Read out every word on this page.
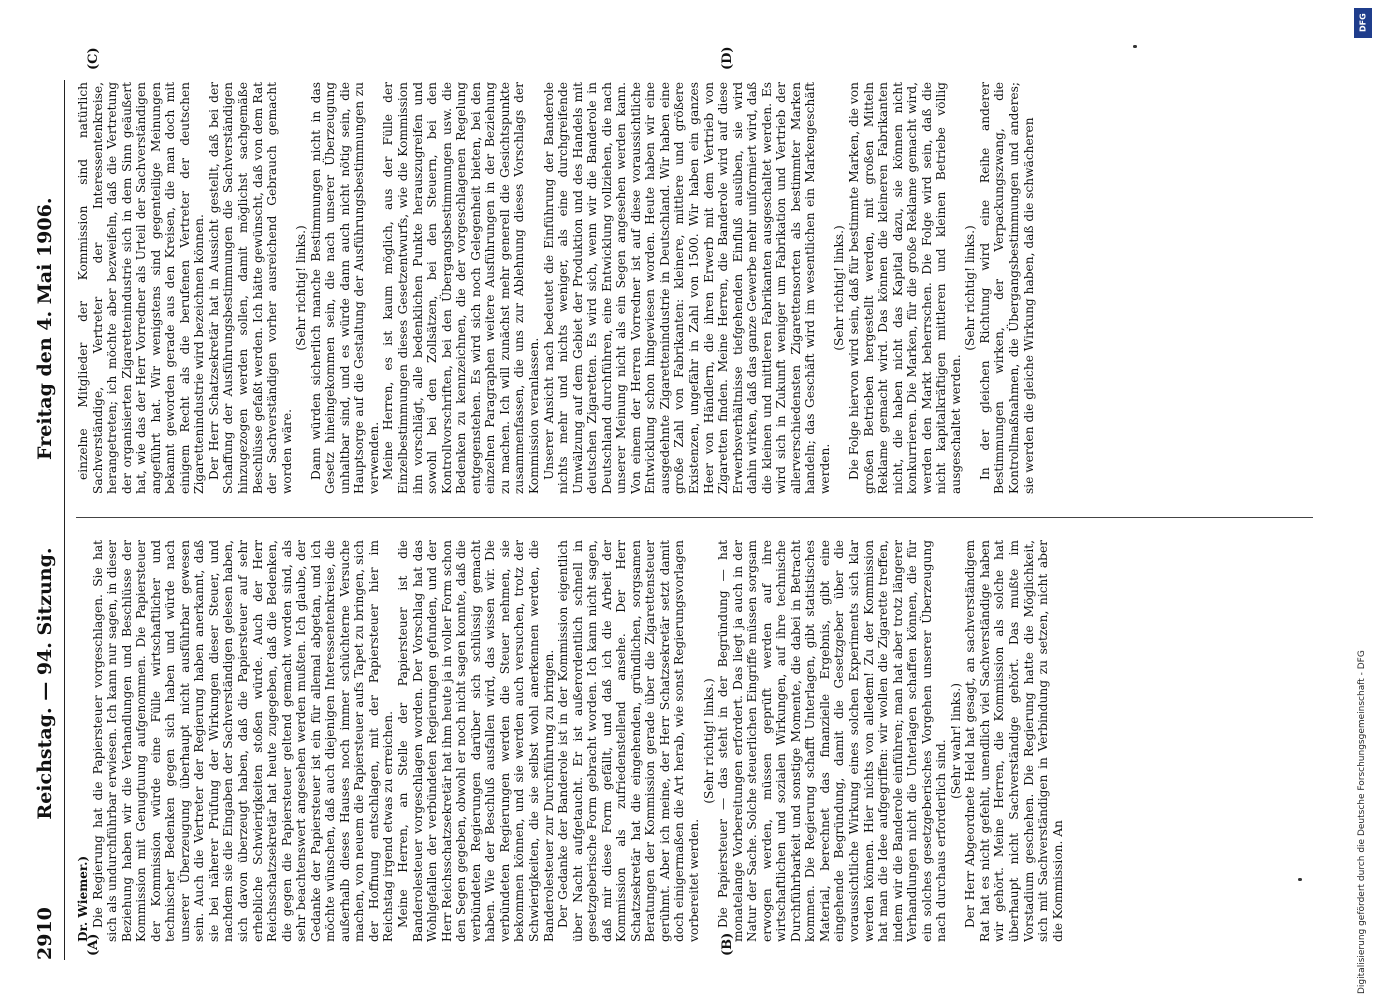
2910
Reichstag. — 94. Sitzung.
Freitag den 4. Mai 1906.
(A)	(B)
(C)	(D)

Dr. Wiemer.) Die Regierung hat die Papiersteuer vorgeschlagen. Sie hat sich als undurchführbar erwiesen. Ich kann nur sagen, in dieser Beziehung haben wir die Verhandlungen und Beschlüsse der Kommission mit Genugtuung aufgenommen. Die Papiersteuer der Kommission würde eine Fülle wirtschaftlicher und technischer Bedenken gegen sich haben und würde nach unserer Überzeugung überhaupt nicht ausführbar gewesen sein. Auch die Vertreter der Regierung haben anerkannt, daß sie bei näherer Prüfung der Wirkungen dieser Steuer, und nachdem sie die Eingaben der Sachverständigen gelesen haben, sich davon überzeugt haben, daß die Papiersteuer auf sehr erhebliche Schwierigkeiten stoßen würde. Auch der Herr Reichsschatzsekretär hat heute zugegeben, daß die Bedenken, die gegen die Papiersteuer geltend gemacht worden sind, als sehr beachtenswert angesehen werden mußten. Ich glaube, der Gedanke der Papiersteuer ist ein für allemal abgetan, und ich möchte wünschen, daß auch diejenigen Interessentenkreise, die außerhalb dieses Hauses noch immer schüchterne Versuche machen, von neuem die Papiersteuer aufs Tapet zu bringen, sich der Hoffnung entschlagen, mit der Papiersteuer hier im Reichstag irgend etwas zu erreichen. Meine Herren, an Stelle der Papiersteuer ist die Banderolesteuer vorgeschlagen worden. Der Vorschlag hat das Wohlgefallen der verbündeten Regierungen gefunden, und der Herr Reichsschatzsekretär hat ihm heute ja in voller Form schon den Segen gegeben, obwohl er noch nicht sagen konnte, daß die verbündeten Regierungen darüber sich schlüssig gemacht haben. Wie der Beschluß ausfallen wird, das wissen wir. Die verbündeten Regierungen werden die Steuer nehmen, sie bekommen können, und sie werden auch versuchen, trotz der Schwierigkeiten, die sie selbst wohl anerkennen werden, die Banderolesteuer zur Durchführung zu bringen. Der Gedanke der Banderole ist in der Kommission eigentlich über Nacht aufgetaucht. Er ist außerordentlich schnell in gesetzgeberische Form gebracht worden. Ich kann nicht sagen, daß mir diese Form gefällt, und daß ich die Arbeit der Kommission als zufriedenstellend ansehe. Der Herr Schatzsekretär hat die eingehenden, gründlichen, sorgsamen Beratungen der Kommission gerade über die Zigarettensteuer gerühmt. Aber ich meine, der Herr Schatzsekretär setzt damit doch einigermaßen die Art herab, wie sonst Regierungsvorlagen vorbereitet werden.

(Sehr richtig! links.) Die Papiersteuer — das steht in der Begründung — hat monatelange Vorbereitungen erfordert. Das liegt ja auch in der Natur der Sache. Solche steuerlichen Eingriffe müssen sorgsam erwogen werden, müssen geprüft werden auf ihre wirtschaftlichen und sozialen Wirkungen, auf ihre technische Durchführbarkeit und sonstige Momente, die dabei in Betracht kommen. Die Regierung schafft Unterlagen, gibt statistisches Material, berechnet das finanzielle Ergebnis, gibt eine eingehende Begründung, damit die Gesetzgeber über die voraussichtliche Wirkung eines solchen Experiments sich klar werden können. Hier nichts von alledem! Zu der Kommission hat man die Idee aufgegriffen: wir wollen die Zigarette treffen, indem wir die Banderole einführen; man hat aber trotz längerer Verhandlungen nicht die Unterlagen schaffen können, die für ein solches gesetzgeberisches Vorgehen unserer Überzeugung nach durchaus erforderlich sind. (Sehr wahr! links.) Der Herr Abgeordnete Held hat gesagt, an sachverständigem Rat hat es nicht gefehlt, unendlich viel Sachverständige haben wir gehört. Meine Herren, die Kommission als solche hat überhaupt nicht Sachverständige gehört. Das mußte im Vorstadium geschehen. Die Regierung hatte die Möglichkeit, sich mit Sachverständigen in Verbindung zu setzen, nicht aber die Kommission. An

einzelne Mitglieder der Kommission sind natürlich Sachverständige, Vertreter der Interessentenkreise, herangetreten; ich möchte aber bezweifeln, daß die Vertretung der organisierten Zigarettenindustrie sich in dem Sinn geäußert hat, wie das der Herr Vorredner als Urteil der Sachverständigen angeführt hat. Wir wenigstens sind gegenteilige Meinungen bekannt geworden gerade aus den Kreisen, die man doch mit einigem Recht als die berufenen Vertreter der deutschen Zigarettenindustrie wird bezeichnen können. Der Herr Schatzsekretär hat in Aussicht gestellt, daß bei der Schaffung der Ausführungsbestimmungen die Sachverständigen hinzugezogen werden sollen, damit möglichst sachgemäße Beschlüsse gefaßt werden. Ich hätte gewünscht, daß von dem Rat der Sachverständigen vorher ausreichend Gebrauch gemacht worden wäre.

(Sehr richtig! links.) Dann würden sicherlich manche Bestimmungen nicht in das Gesetz hineingekommen sein, die nach unserer Überzeugung unhaltbar sind, und es würde dann auch nicht nötig sein, die Hauptsorge auf die Gestaltung der Ausführungsbestimmungen zu verwenden. Meine Herren, es ist kaum möglich, aus der Fülle der Einzelbestimmungen dieses Gesetzentwurfs, wie die Kommission ihn vorschlägt, alle bedenklichen Punkte herauszugreifen und sowohl bei den Zollsätzen, bei den Steuern, bei den Kontrollvorschriften, bei den Übergangsbestimmungen usw. die Bedenken zu kennzeichnen, die der vorgeschlagenen Regelung entgegenstehen. Es wird sich noch Gelegenheit bieten, bei den einzelnen Paragraphen weitere Ausführungen in der Beziehung zu machen. Ich will zunächst mehr generell die Gesichtspunkte zusammenfassen, die uns zur Ablehnung dieses Vorschlags der Kommission veranlassen. Unserer Ansicht nach bedeutet die Einführung der Banderole nichts mehr und nichts weniger, als eine durchgreifende Umwälzung auf dem Gebiet der Produktion und des Handels mit deutschen Zigaretten. Es wird sich, wenn wir die Banderole in Deutschland durchführen, eine Entwicklung vollziehen, die nach unserer Meinung nicht als ein Segen angesehen werden kann. Von einem der Herren Vorredner ist auf diese voraussichtliche Entwicklung schon hingewiesen worden. Heute haben wir eine ausgedehnte Zigarettenindustrie in Deutschland. Wir haben eine große Zahl von Fabrikanten: kleinere, mittlere und größere Existenzen, ungefähr in Zahl von 1500. Wir haben ein ganzes Heer von Händlern, die ihren Erwerb mit dem Vertrieb von Zigaretten finden. Meine Herren, die Banderole wird auf diese Erwerbsverhältnisse tiefgehenden Einfluß ausüben, sie wird dahin wirken, daß das ganze Gewerbe mehr uniformiert wird, daß die kleinen und mittleren Fabrikanten ausgeschaltet werden. Es wird sich in Zukunft weniger um Fabrikation und Vertrieb der allerverschiedensten Zigarettensorten als bestimmter Marken handeln; das Geschäft wird im wesentlichen ein Markengeschäft werden.

(Sehr richtig! links.) Die Folge hiervon wird sein, daß für bestimmte Marken, die von großen Betrieben hergestellt werden, mit großen Mitteln Reklame gemacht wird. Das können die kleineren Fabrikanten nicht, die haben nicht das Kapital dazu, sie können nicht konkurrieren. Die Marken, für die große Reklame gemacht wird, werden den Markt beherrschen. Die Folge wird sein, daß die nicht kapitalkräftigen mittleren und kleinen Betriebe völlig ausgeschaltet werden.

(Sehr richtig! links.) In der gleichen Richtung wird eine Reihe anderer Bestimmungen wirken, der Verpackungszwang, die Kontrollmaßnahmen, die Übergangsbestimmungen und anderes; sie werden die gleiche Wirkung haben, daß die schwächeren

DFG
Digitalisierung gefördert durch die Deutsche Forschungsgemeinschaft - DFG
